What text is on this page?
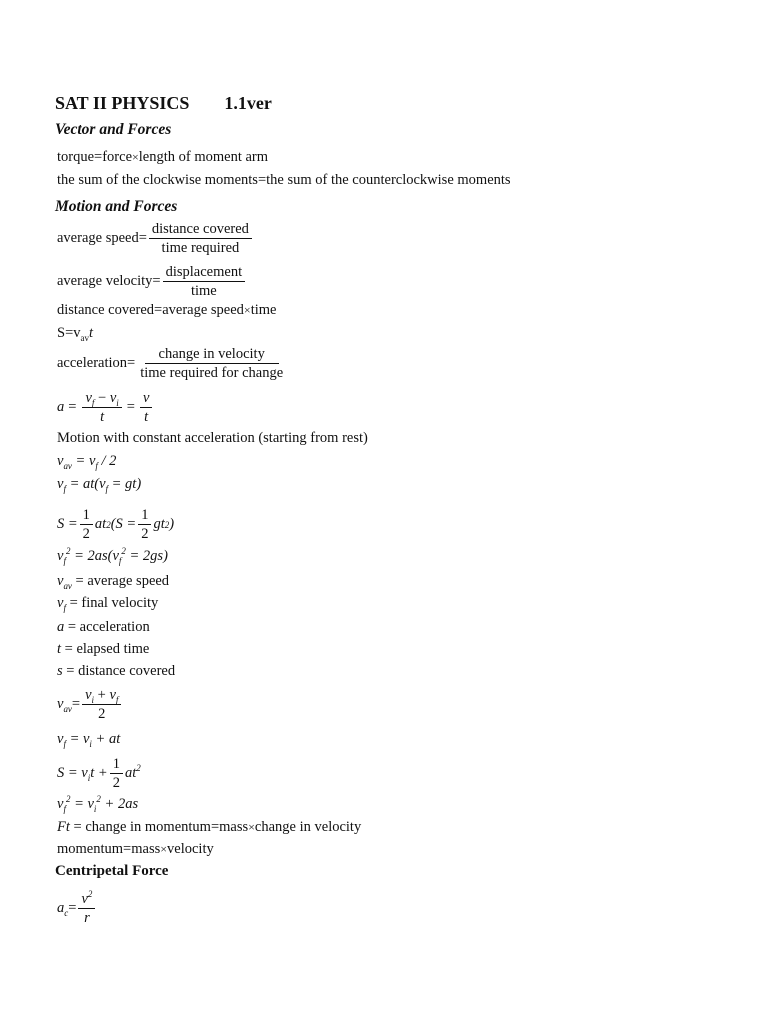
SAT II PHYSICS 1.1ver
Vector and Forces
torque=force×length of moment arm
the sum of the clockwise moments=the sum of the counterclockwise moments
Motion and Forces
average speed= $\frac{\text{distance covered}}{\text{time required}}$
average velocity= $\frac{\text{displacement}}{\text{time}}$
distance covered=average speed×time
$S=v_{av}t$
acceleration= $\frac{\text{change in velocity}}{\text{time required for change}}$
$a = \frac{v_f - v_i}{t} = \frac{v}{t}$
Motion with constant acceleration (starting from rest)
$v_{av} = v_f / 2$
$v_f = at(v_f = gt)$
$S = \frac{1}{2}$ at 2 ($S = \frac{1}{2}$ gt 2 )
$v_f^2 = 2as(v_f^2 = 2gs)$
$v_{av}$ = average speed
$v_f$ = final velocity
a = acceleration
t = elapsed time
s = distance covered
$v_{av} = \frac{v_i + v_f}{2}$
$v_f = v_i$ + at
$S = v_i$ $t + \frac{1}{2} at^2$
$v_f^2 = v_i^2 + 2as$
Ft = change in momentum=mass×change in velocity
momentum=mass×velocity
Centripetal Force
$a_c = \frac{v^2}{r}$
